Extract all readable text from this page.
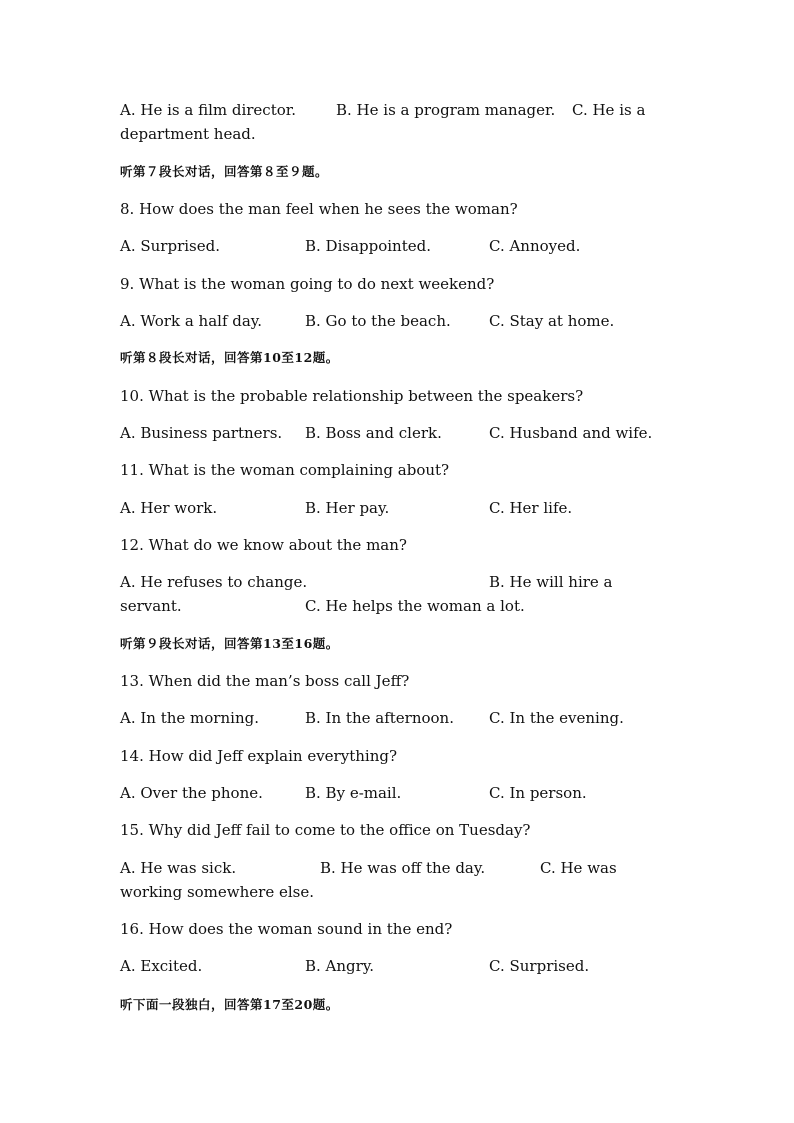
A. He is a film director.	B. He is a program manager. C. He is a
department head.
听第７段长对话，回答第８至９题。
8. How does the man feel when he sees the woman?
A. Surprised.	B. Disappointed.	C. Annoyed.
9. What is the woman going to do next weekend?
A. Work a half day.	B. Go to the beach.	C. Stay at home.
听第８段长对话，回答第10至12题。
10. What is the probable relationship between the speakers?
A. Business partners. B. Boss and clerk.	C. Husband and wife.
11. What is the woman complaining about?
A. Her work.	B. Her pay.	C. Her life.
12. What do we know about the man?
A. He refuses to change.	B. He will hire a
servant.	C. He helps the woman a lot.
听第９段长对话，回答第13至16题。
13. When did the man’s boss call Jeff?
A. In the morning.	B. In the afternoon. C. In the evening.
14. How did Jeff explain everything?
A. Over the phone.	B. By e-mail.	C. In person.
15. Why did Jeff fail to come to the office on Tuesday?
A. He was sick.	B. He was off the day.	C. He was
working somewhere else.
16. How does the woman sound in the end?
A. Excited.	B. Angry.	C. Surprised.
听下面一段独白，回答第17至20题。
